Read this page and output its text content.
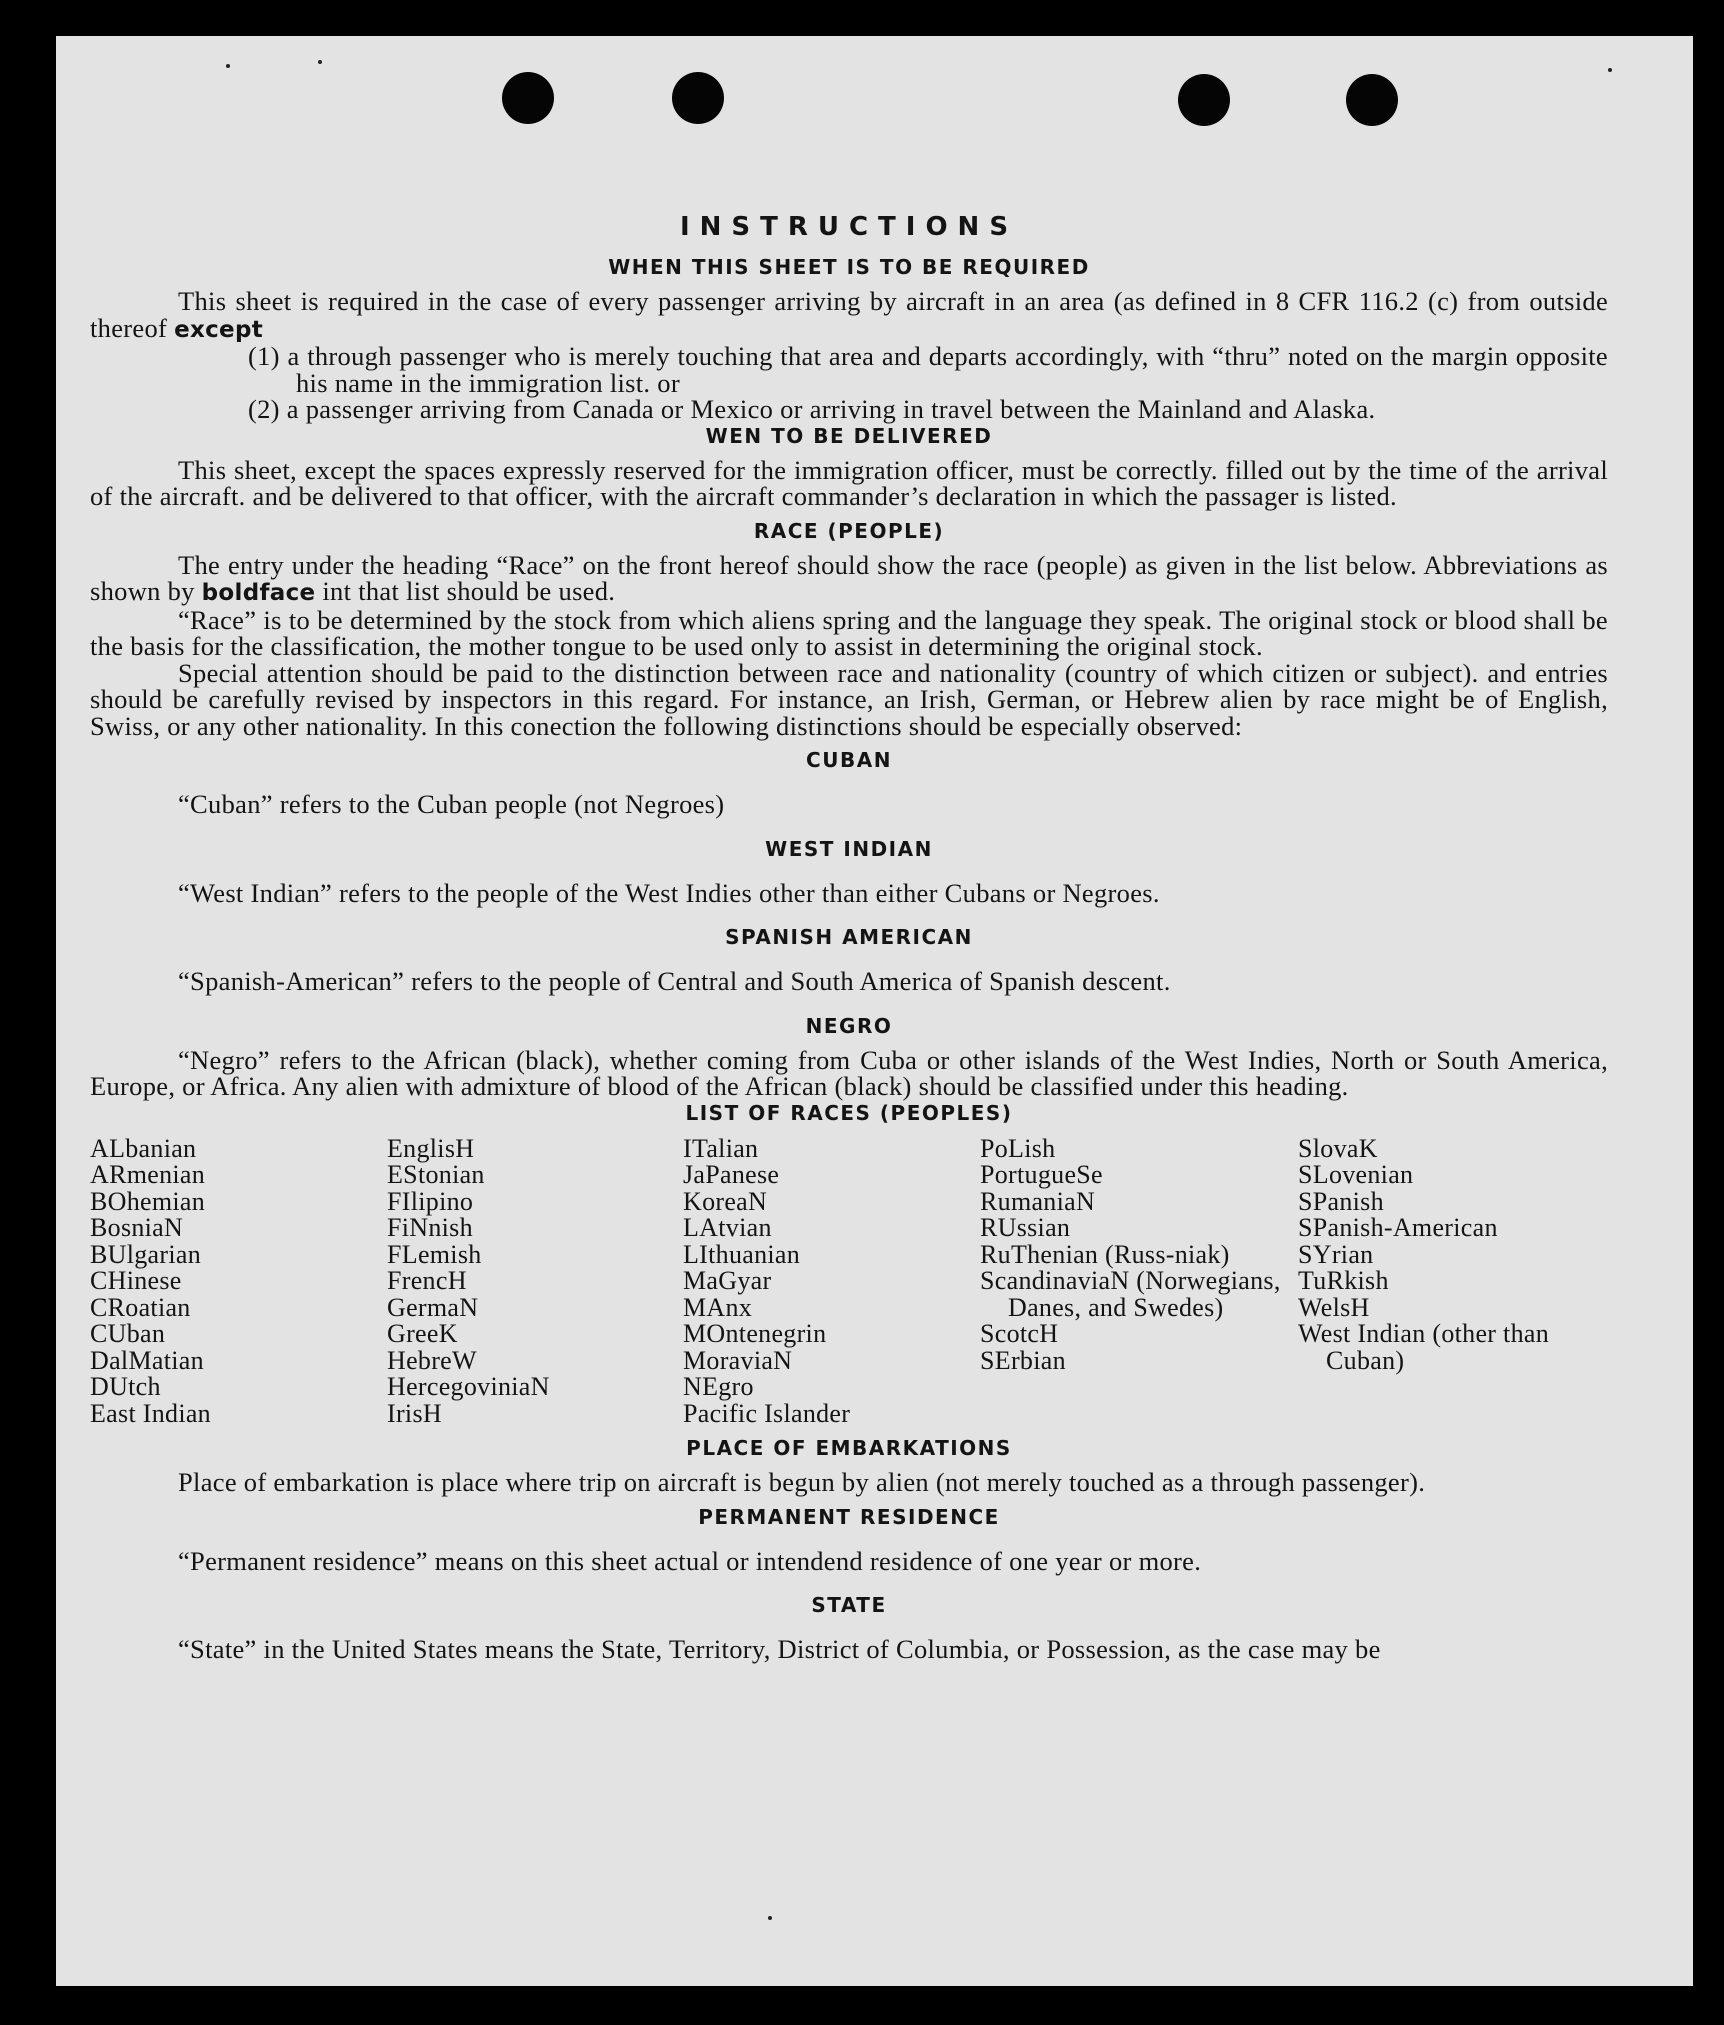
INSTRUCTIONS
WHEN THIS SHEET IS TO BE REQUIRED

This sheet is required in the case of every passenger arriving by aircraft in an area (as defined in 8 CFR 116.2 (c) from outside thereof except

(1) a through passenger who is merely touching that area and departs accordingly, with “thru” noted on the margin opposite his name in the immigration list. or

(2) a passenger arriving from Canada or Mexico or arriving in travel between the Mainland and Alaska.

WEN TO BE DELIVERED

This sheet, except the spaces expressly reserved for the immigration officer, must be correctly. filled out by the time of the arrival of the aircraft. and be delivered to that officer, with the aircraft commander’s declaration in which the passager is listed.

RACE (PEOPLE)

The entry under the heading “Race” on the front hereof should show the race (people) as given in the list below. Abbreviations as shown by boldface int that list should be used.

“Race” is to be determined by the stock from which aliens spring and the language they speak. The original stock or blood shall be the basis for the classification, the mother tongue to be used only to assist in determining the original stock.

Special attention should be paid to the distinction between race and nationality (country of which citizen or subject). and entries should be carefully revised by inspectors in this regard. For instance, an Irish, German, or Hebrew alien by race might be of English, Swiss, or any other nationality. In this conection the following distinctions should be especially observed:

CUBAN

“Cuban” refers to the Cuban people (not Negroes)

WEST INDIAN

“West Indian” refers to the people of the West Indies other than either Cubans or Negroes.

SPANISH AMERICAN

“Spanish-American” refers to the people of Central and South America of Spanish descent.

NEGRO

“Negro” refers to the African (black), whether coming from Cuba or other islands of the West Indies, North or South America, Europe, or Africa. Any alien with admixture of blood of the African (black) should be classified under this heading.

LIST OF RACES (PEOPLES)
ALbanian
ARmenian
BOhemian
BosniaN
BUlgarian
CHinese
CRoatian
CUban
DalMatian
DUtch
East Indian
EnglisH
EStonian
FIlipino
FiNnish
FLemish
FrencH
GermaN
GreeK
HebreW
HercegoviniaN
IrisH
ITalian
JaPanese
KoreaN
LAtvian
LIthuanian
MaGyar
MAnx
MOntenegrin
MoraviaN
NEgro
Pacific Islander
PoLish
PortugueSe
RumaniaN
RUssian
RuThenian (Russ-niak)
ScandinaviaN (Norwegians, Danes, and Swedes)
ScotcH
SErbian
SlovaK
SLovenian
SPanish
SPanish-American
SYrian
TuRkish
WelsH
West Indian (other than Cuban)
PLACE OF EMBARKATIONS

Place of embarkation is place where trip on aircraft is begun by alien (not merely touched as a through passenger).

PERMANENT RESIDENCE

“Permanent residence” means on this sheet actual or intendend residence of one year or more.

STATE

“State” in the United States means the State, Territory, District of Columbia, or Possession, as the case may be
